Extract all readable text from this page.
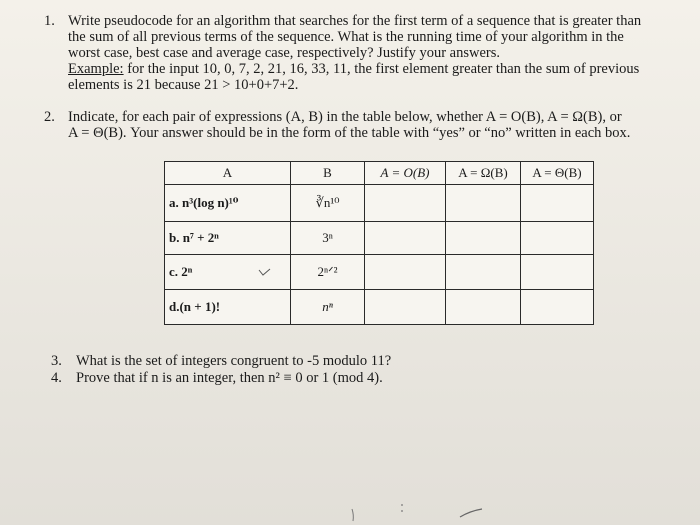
1. Write pseudocode for an algorithm that searches for the first term of a sequence that is greater than
the sum of all previous terms of the sequence. What is the running time of your algorithm in the
worst case, best case and average case, respectively? Justify your answers.
Example: for the input 10, 0, 7, 2, 21, 16, 33, 11, the first element greater than the sum of previous
elements is 21 because 21 > 10+0+7+2.
2. Indicate, for each pair of expressions (A, B) in the table below, whether A = O(B), A = Ω(B), or
A = Θ(B). Your answer should be in the form of the table with “yes” or “no” written in each box.
A	B	A = O(B)	A = Ω(B)	A = Θ(B)
a. n³(log n)¹⁰	∛n¹⁰			
b. n⁷ + 2ⁿ	3ⁿ			
c. 2ⁿ	2ⁿᐟ²			
d.(n + 1)!	nⁿ			
3. What is the set of integers congruent to -5 modulo 11?
4. Prove that if n is an integer, then n² ≡ 0 or 1 (mod 4).
